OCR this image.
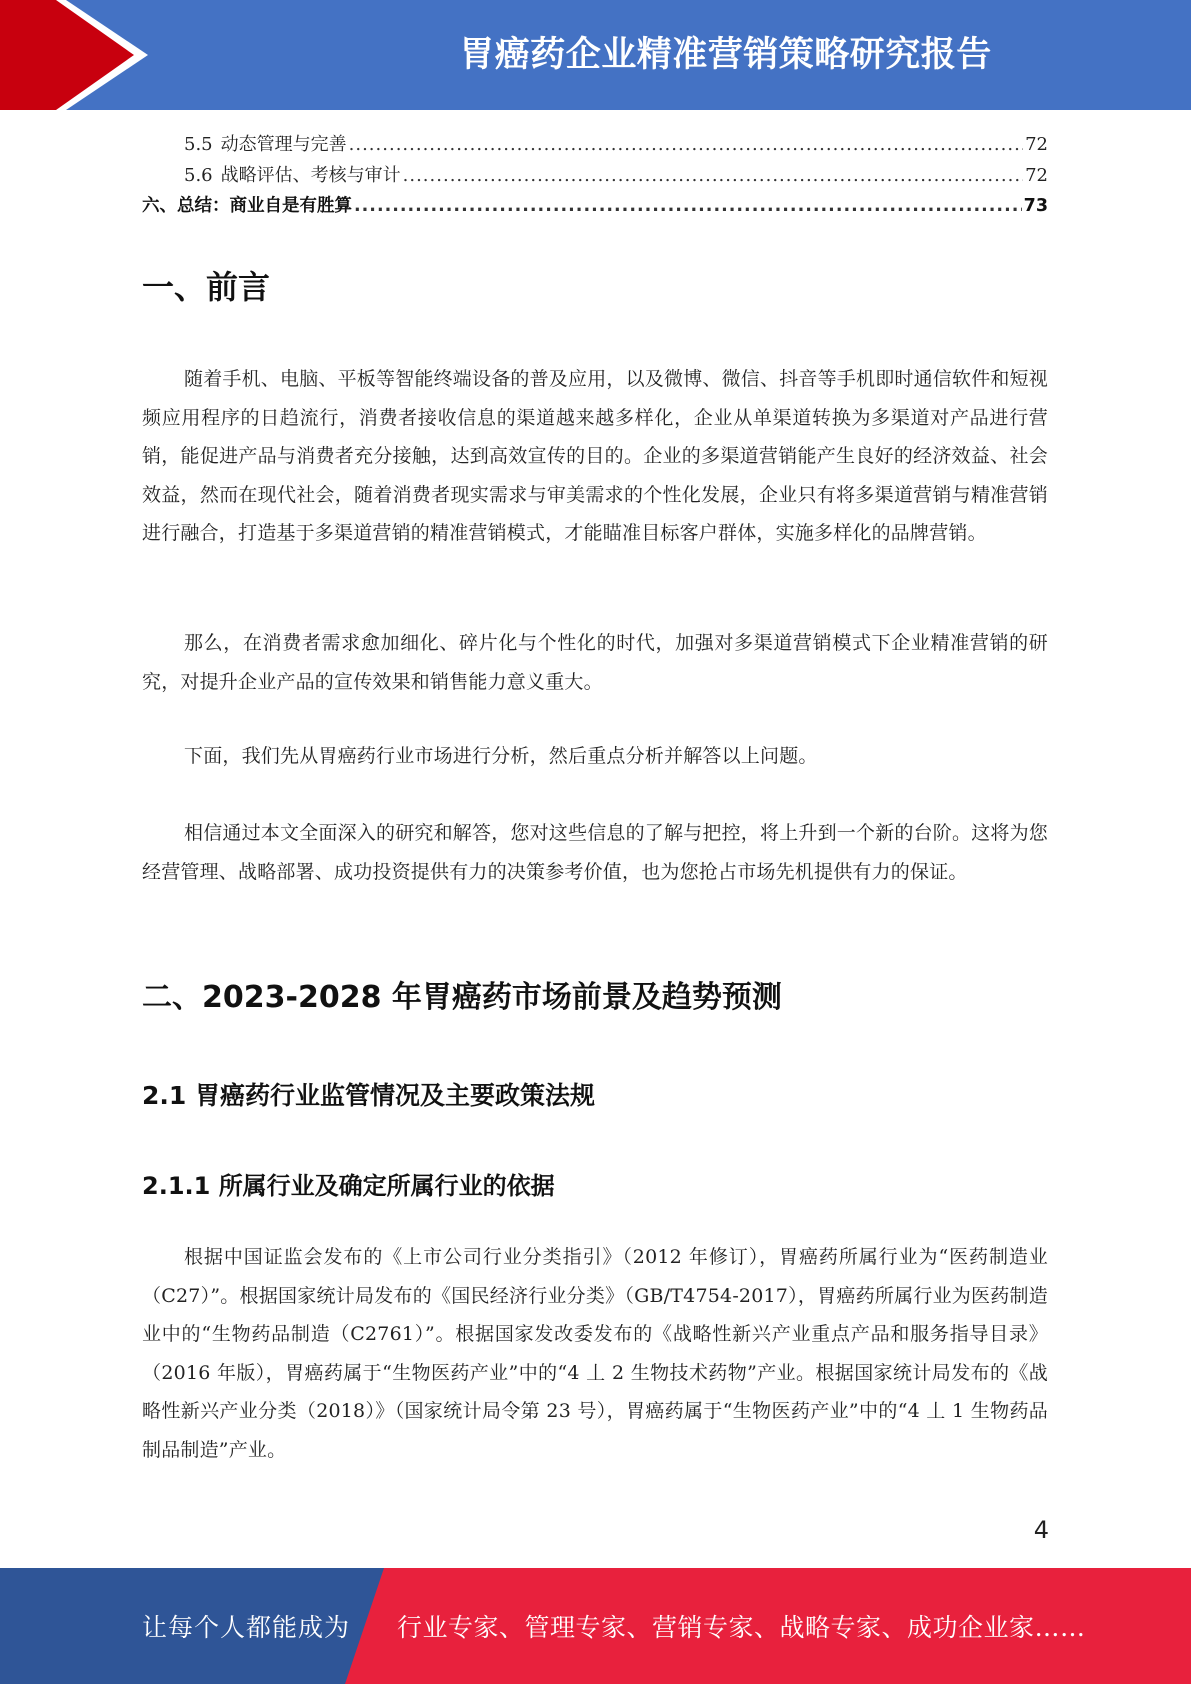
胃癌药企业精准营销策略研究报告
5.5 动态管理与完善 .....	72
5.6 战略评估、考核与审计 .....	72
六、总结：商业自是有胜算 .....	73
一、前言

随着手机、电脑、平板等智能终端设备的普及应用，以及微博、微信、抖音等手机即时通信软件和短视频应用程序的日趋流行，消费者接收信息的渠道越来越多样化，企业从单渠道转换为多渠道对产品进行营销，能促进产品与消费者充分接触，达到高效宣传的目的。企业的多渠道营销能产生良好的经济效益、社会效益，然而在现代社会，随着消费者现实需求与审美需求的个性化发展，企业只有将多渠道营销与精准营销进行融合，打造基于多渠道营销的精准营销模式，才能瞄准目标客户群体，实施多样化的品牌营销。

那么，在消费者需求愈加细化、碎片化与个性化的时代，加强对多渠道营销模式下企业精准营销的研究，对提升企业产品的宣传效果和销售能力意义重大。

下面，我们先从胃癌药行业市场进行分析，然后重点分析并解答以上问题。

相信通过本文全面深入的研究和解答，您对这些信息的了解与把控，将上升到一个新的台阶。这将为您经营管理、战略部署、成功投资提供有力的决策参考价值，也为您抢占市场先机提供有力的保证。

二、2023-2028 年胃癌药市场前景及趋势预测
2.1 胃癌药行业监管情况及主要政策法规
2.1.1 所属行业及确定所属行业的依据

根据中国证监会发布的《上市公司行业分类指引》（2012 年修订），胃癌药所属行业为“医药制造业（C27）”。根据国家统计局发布的《国民经济行业分类》（GB/T4754-2017），胃癌药所属行业为医药制造业中的“生物药品制造（C2761）”。根据国家发改委发布的《战略性新兴产业重点产品和服务指导目录》（2016 年版），胃癌药属于“生物医药产业”中的“4 丄 2 生物技术药物”产业。根据国家统计局发布的《战略性新兴产业分类（2018）》（国家统计局令第 23 号），胃癌药属于“生物医药产业”中的“4 丄 1 生物药品制品制造”产业。

4
让每个人都能成为 行业专家、管理专家、营销专家、战略专家、成功企业家……
